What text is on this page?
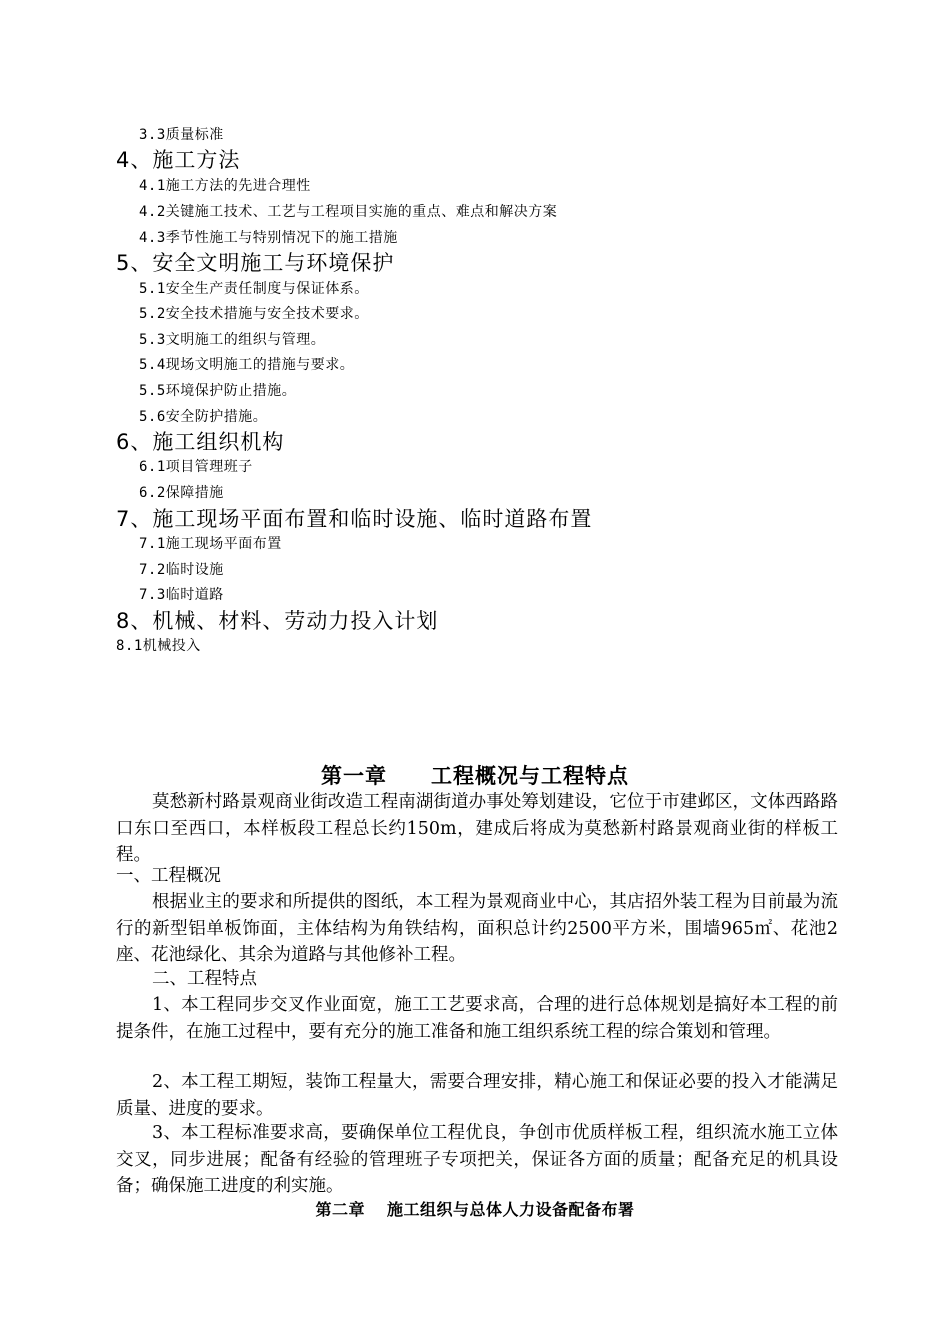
3.3质量标准
4、施工方法
4.1施工方法的先进合理性
4.2关键施工技术、工艺与工程项目实施的重点、难点和解决方案
4.3季节性施工与特别情况下的施工措施
5、安全文明施工与环境保护
5.1安全生产责任制度与保证体系。
5.2安全技术措施与安全技术要求。
5.3文明施工的组织与管理。
5.4现场文明施工的措施与要求。
5.5环境保护防止措施。
5.6安全防护措施。
6、施工组织机构
6.1项目管理班子
6.2保障措施
7、施工现场平面布置和临时设施、临时道路布置
7.1施工现场平面布置
7.2临时设施
7.3临时道路
8、机械、材料、劳动力投入计划
8.1机械投入
第一章 工程概况与工程特点
莫愁新村路景观商业街改造工程南湖街道办事处筹划建设，它位于市建邺区，文体西路路口东口至西口，本样板段工程总长约150m，建成后将成为莫愁新村路景观商业街的样板工程。
一、工程概况
根据业主的要求和所提供的图纸，本工程为景观商业中心，其店招外装工程为目前最为流行的新型铝单板饰面，主体结构为角铁结构，面积总计约2500平方米，围墙965㎡、花池2座、花池绿化、其余为道路与其他修补工程。
二、工程特点
1、本工程同步交叉作业面宽，施工工艺要求高，合理的进行总体规划是搞好本工程的前提条件，在施工过程中，要有充分的施工准备和施工组织系统工程的综合策划和管理。
2、本工程工期短，装饰工程量大，需要合理安排，精心施工和保证必要的投入才能满足质量、进度的要求。
3、本工程标准要求高，要确保单位工程优良，争创市优质样板工程，组织流水施工立体交叉，同步进展；配备有经验的管理班子专项把关，保证各方面的质量；配备充足的机具设备；确保施工进度的利实施。
第二章 施工组织与总体人力设备配备布署
